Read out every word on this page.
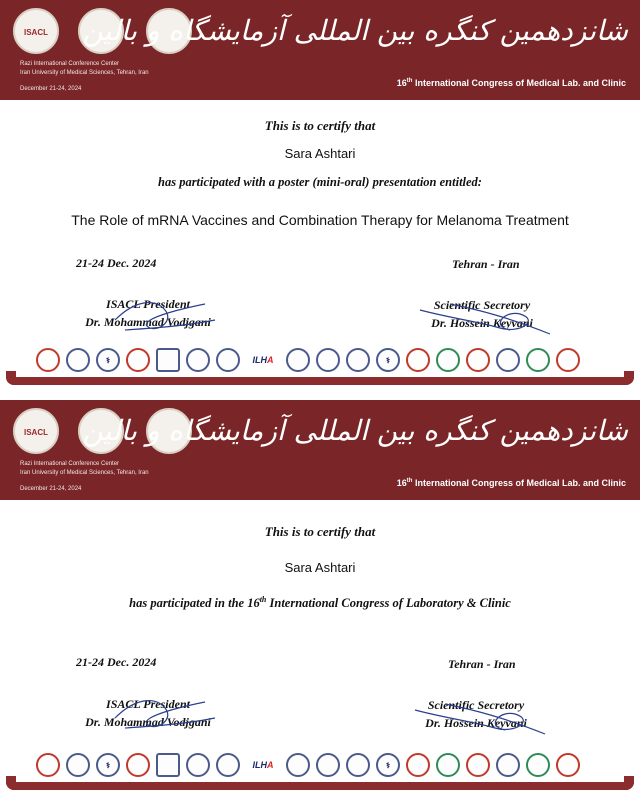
ISACL
Razi International Conference Center
Iran University of Medical Sciences, Tehran, Iran
December 21-24, 2024
شانزدهمین کنگره بین المللی آزمایشگاه و بالین
16th International Congress of Medical Lab. and Clinic
This is to certify that
Sara Ashtari
has participated with a poster (mini-oral) presentation entitled:
The Role of mRNA Vaccines and Combination Therapy for Melanoma Treatment
21-24 Dec. 2024	Tehran - Iran
ISACL President
Dr. Mohammad Vodjgani
Scientific Secretory
Dr. Hossein Keyvani
⚕	ILH A	⚕
ISACL
Razi International Conference Center
Iran University of Medical Sciences, Tehran, Iran
December 21-24, 2024
شانزدهمین کنگره بین المللی آزمایشگاه و بالین
16th International Congress of Medical Lab. and Clinic
This is to certify that
Sara Ashtari
has participated in the 16th International Congress of Laboratory & Clinic
21-24 Dec. 2024	Tehran - Iran
ISACL President
Dr. Mohammad Vodjgani
Scientific Secretory
Dr. Hossein Keyvani
⚕	ILH A	⚕
